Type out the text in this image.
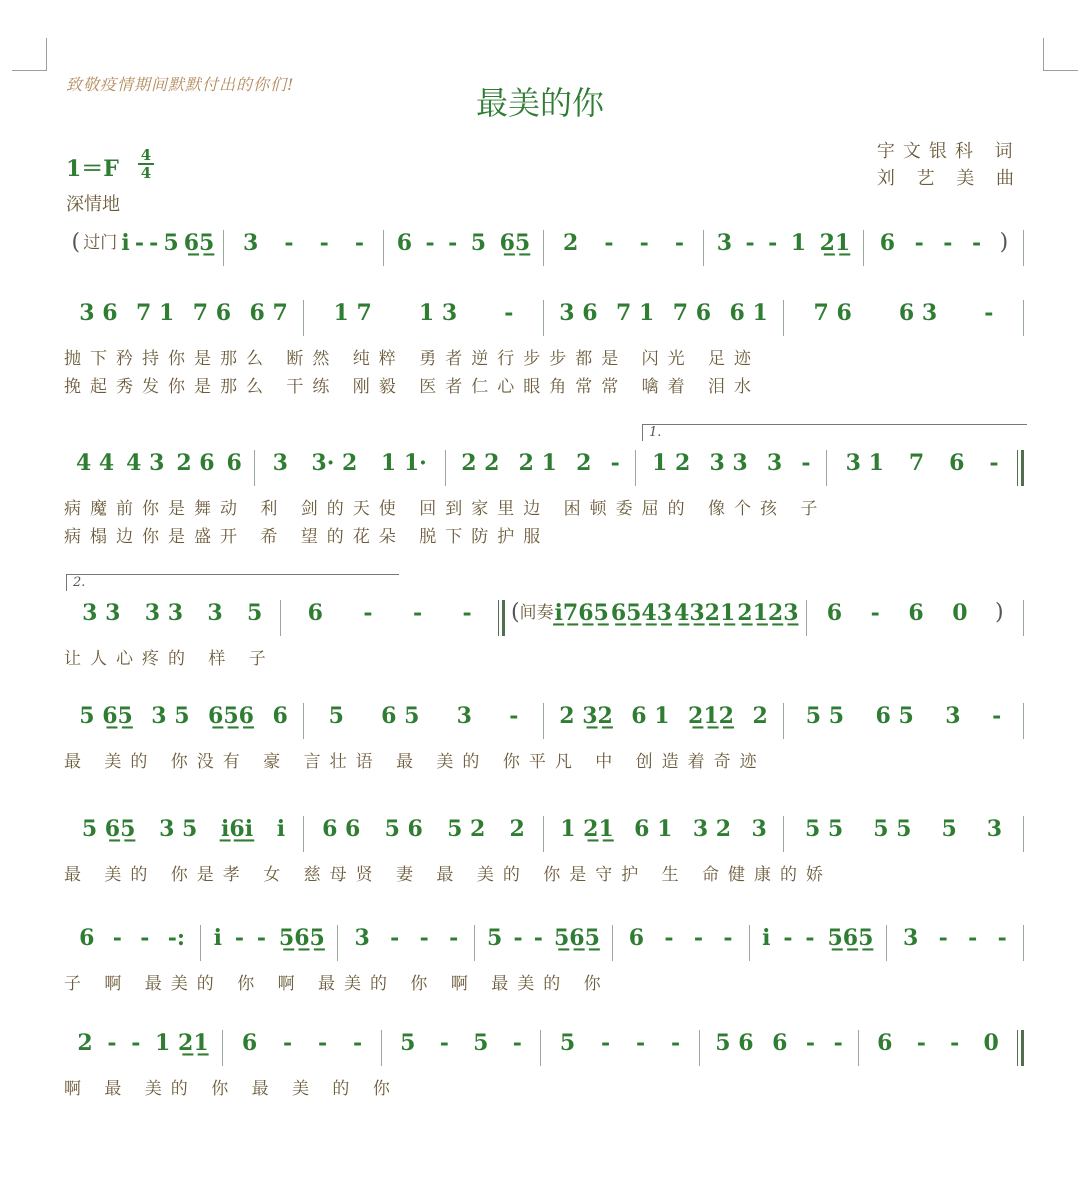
致敬疫情期间默默付出的你们!	最美的你
宇文银科 词
刘 艺 美 曲
1＝F
4
4
深情地
( 过门 i - - 5 6̲5̲ 3 - - - 6 - - 5 6̲5̲ 2 - - - 3 - - 1 2̲1̲ 6 - - - )
3 6 7 1 7 6 6 7 1 7 1 3 - 3 6 7 1 7 6 6 1 7 6 6 3 -
抛下矜持你是那么 断然 纯粹 勇者逆行步步都是 闪光 足迹
挽起秀发你是那么 干练 刚毅 医者仁心眼角常常 噙着 泪水
4 4 4 3 2 6 6 3 3· 2 1 1· 2 2 2 1 2 - 1 2 3 3 3 - 3 1 7 6 -
1.
病魔前你是舞动 利 剑的天使 回到家里边 困顿委屈的 像个孩 子
病榻边你是盛开 希 望的花朵 脱下防护服
3 3 3 3 3 5 6 - - - ( 间奏 i̲7̲6̲5̲ 6̲5̲4̲3̲ 4̲3̲2̲1̲ 2̲1̲2̲3̲ 6 - 6 0 )
2.
让人心疼的 样 子
5 6̲5̲ 3 5 6̲5̲6̲ 6 5 6 5 3 - 2 3̲2̲ 6 1 2̲1̲2̲ 2 5 5 6 5 3 -
最 美的 你没有 豪 言壮语 最 美的 你平凡 中 创造着奇迹
5 6̲5̲ 3 5 i̲6̲i̲ i 6 6 5 6 5 2 2 1 2̲1̲ 6 1 3 2 3 5 5 5 5 5 3
最 美的 你是孝 女 慈母贤 妻 最 美的 你是守护 生 命健康的娇
6 - - -: i - - 5̲6̲5̲ 3 - - - 5 - - 5̲6̲5̲ 6 - - - i - - 5̲6̲5̲ 3 - - -
子 啊 最美的 你 啊 最美的 你 啊 最美的 你
2 - - 1 2̲1̲ 6 - - - 5 - 5 - 5 - - - 5 6 6 - - 6 - - 0
啊 最 美的 你 最 美 的 你
